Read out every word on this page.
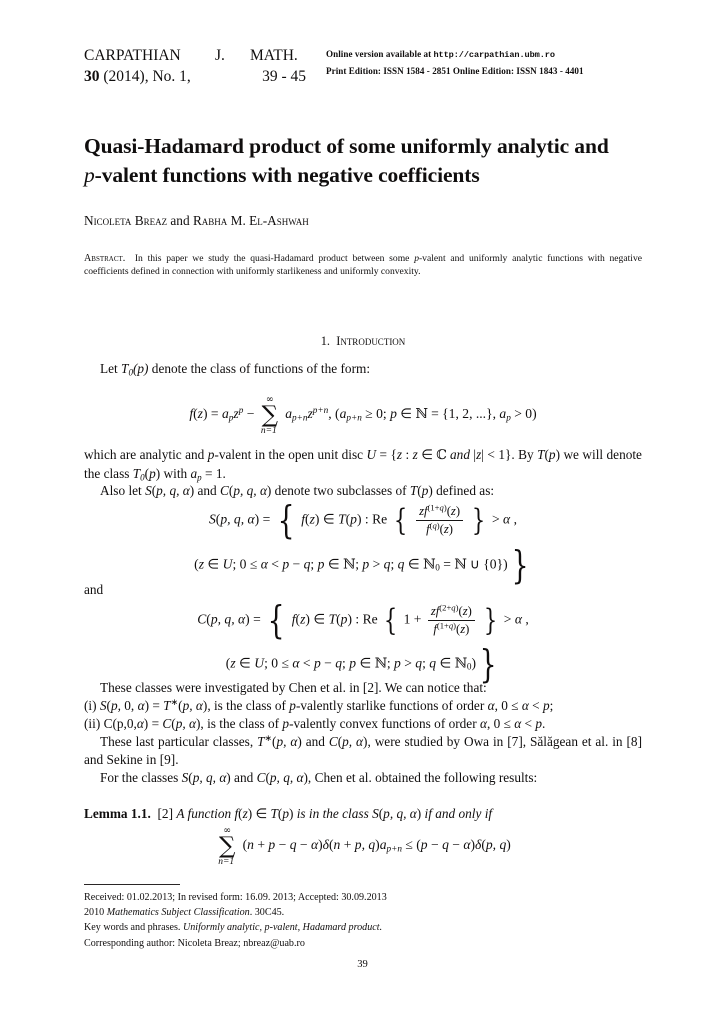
CARPATHIAN J. MATH.
30 (2014), No. 1,	39 - 45
Online version available at http://carpathian.ubm.ro
Print Edition: ISSN 1584 - 2851 Online Edition: ISSN 1843 - 4401
Quasi-Hadamard product of some uniformly analytic and
p-valent functions with negative coefficients
Nicoleta Breaz and Rabha M. El-Ashwah
Abstract. In this paper we study the quasi-Hadamard product between some p-valent and uniformly analytic functions with negative coefficients defined in connection with uniformly starlikeness and uniformly convexity.
1. Introduction
Let $T_0(p)$ denote the class of functions of the form:
$f(z) = a_pz^p$ −
∞
∑
n=1
$a_{p+n}z^{p+n}$, ($a_{p+n} \ge 0$; p ∈ ℕ = {1, 2, ...}, $a_p > 0$)
which are analytic and p-valent in the open unit disc U = {z : z ∈ ℂ and |z| < 1}. By T(p) we will denote the class $T_0(p)$ with $a_p = 1$.
Also let S(p, q, α) and C(p, q, α) denote two subclasses of T(p) defined as:
S(p, q, α) = { f(z) ∈ T(p) : Re { $\frac{zf^{(1+q)}(z)}{f^{(q)}(z)}$ } > α ,
(z ∈ U; 0 ≤ α < p − q; p ∈ ℕ; p > q; q ∈ ℕ$_0$ = ℕ ∪ {0})}
and
C(p, q, α) = { f(z) ∈ T(p) : Re { $1 + \frac{zf^{(2+q)}(z)}{f^{(1+q)}(z)}$ } > α ,
(z ∈ U; 0 ≤ α < p − q; p ∈ ℕ; p > q; q ∈ ℕ$_0$)}
These classes were investigated by Chen et al. in [2]. We can notice that:
(i) S(p, 0, α) = T∗(p, α), is the class of p-valently starlike functions of order α, 0 ≤ α < p;
(ii) C(p,0,α) = C(p, α), is the class of p-valently convex functions of order α, 0 ≤ α < p.
These last particular classes, T∗(p, α) and C(p, α), were studied by Owa in [7], Sălăgean et al. in [8] and Sekine in [9].
For the classes S(p, q, α) and C(p, q, α), Chen et al. obtained the following results:
Lemma 1.1. [2] A function f(z) ∈ T(p) is in the class S(p, q, α) if and only if
∞
∑
n=1
(n + p − q − α)δ(n + p, $q)a_{p+n} \le (p - q - \alpha)\delta(p$, q)
Received: 01.02.2013; In revised form: 16.09. 2013; Accepted: 30.09.2013
2010 Mathematics Subject Classification. 30C45.
Key words and phrases. Uniformly analytic, p-valent, Hadamard product.
Corresponding author: Nicoleta Breaz; nbreaz@uab.ro
39
